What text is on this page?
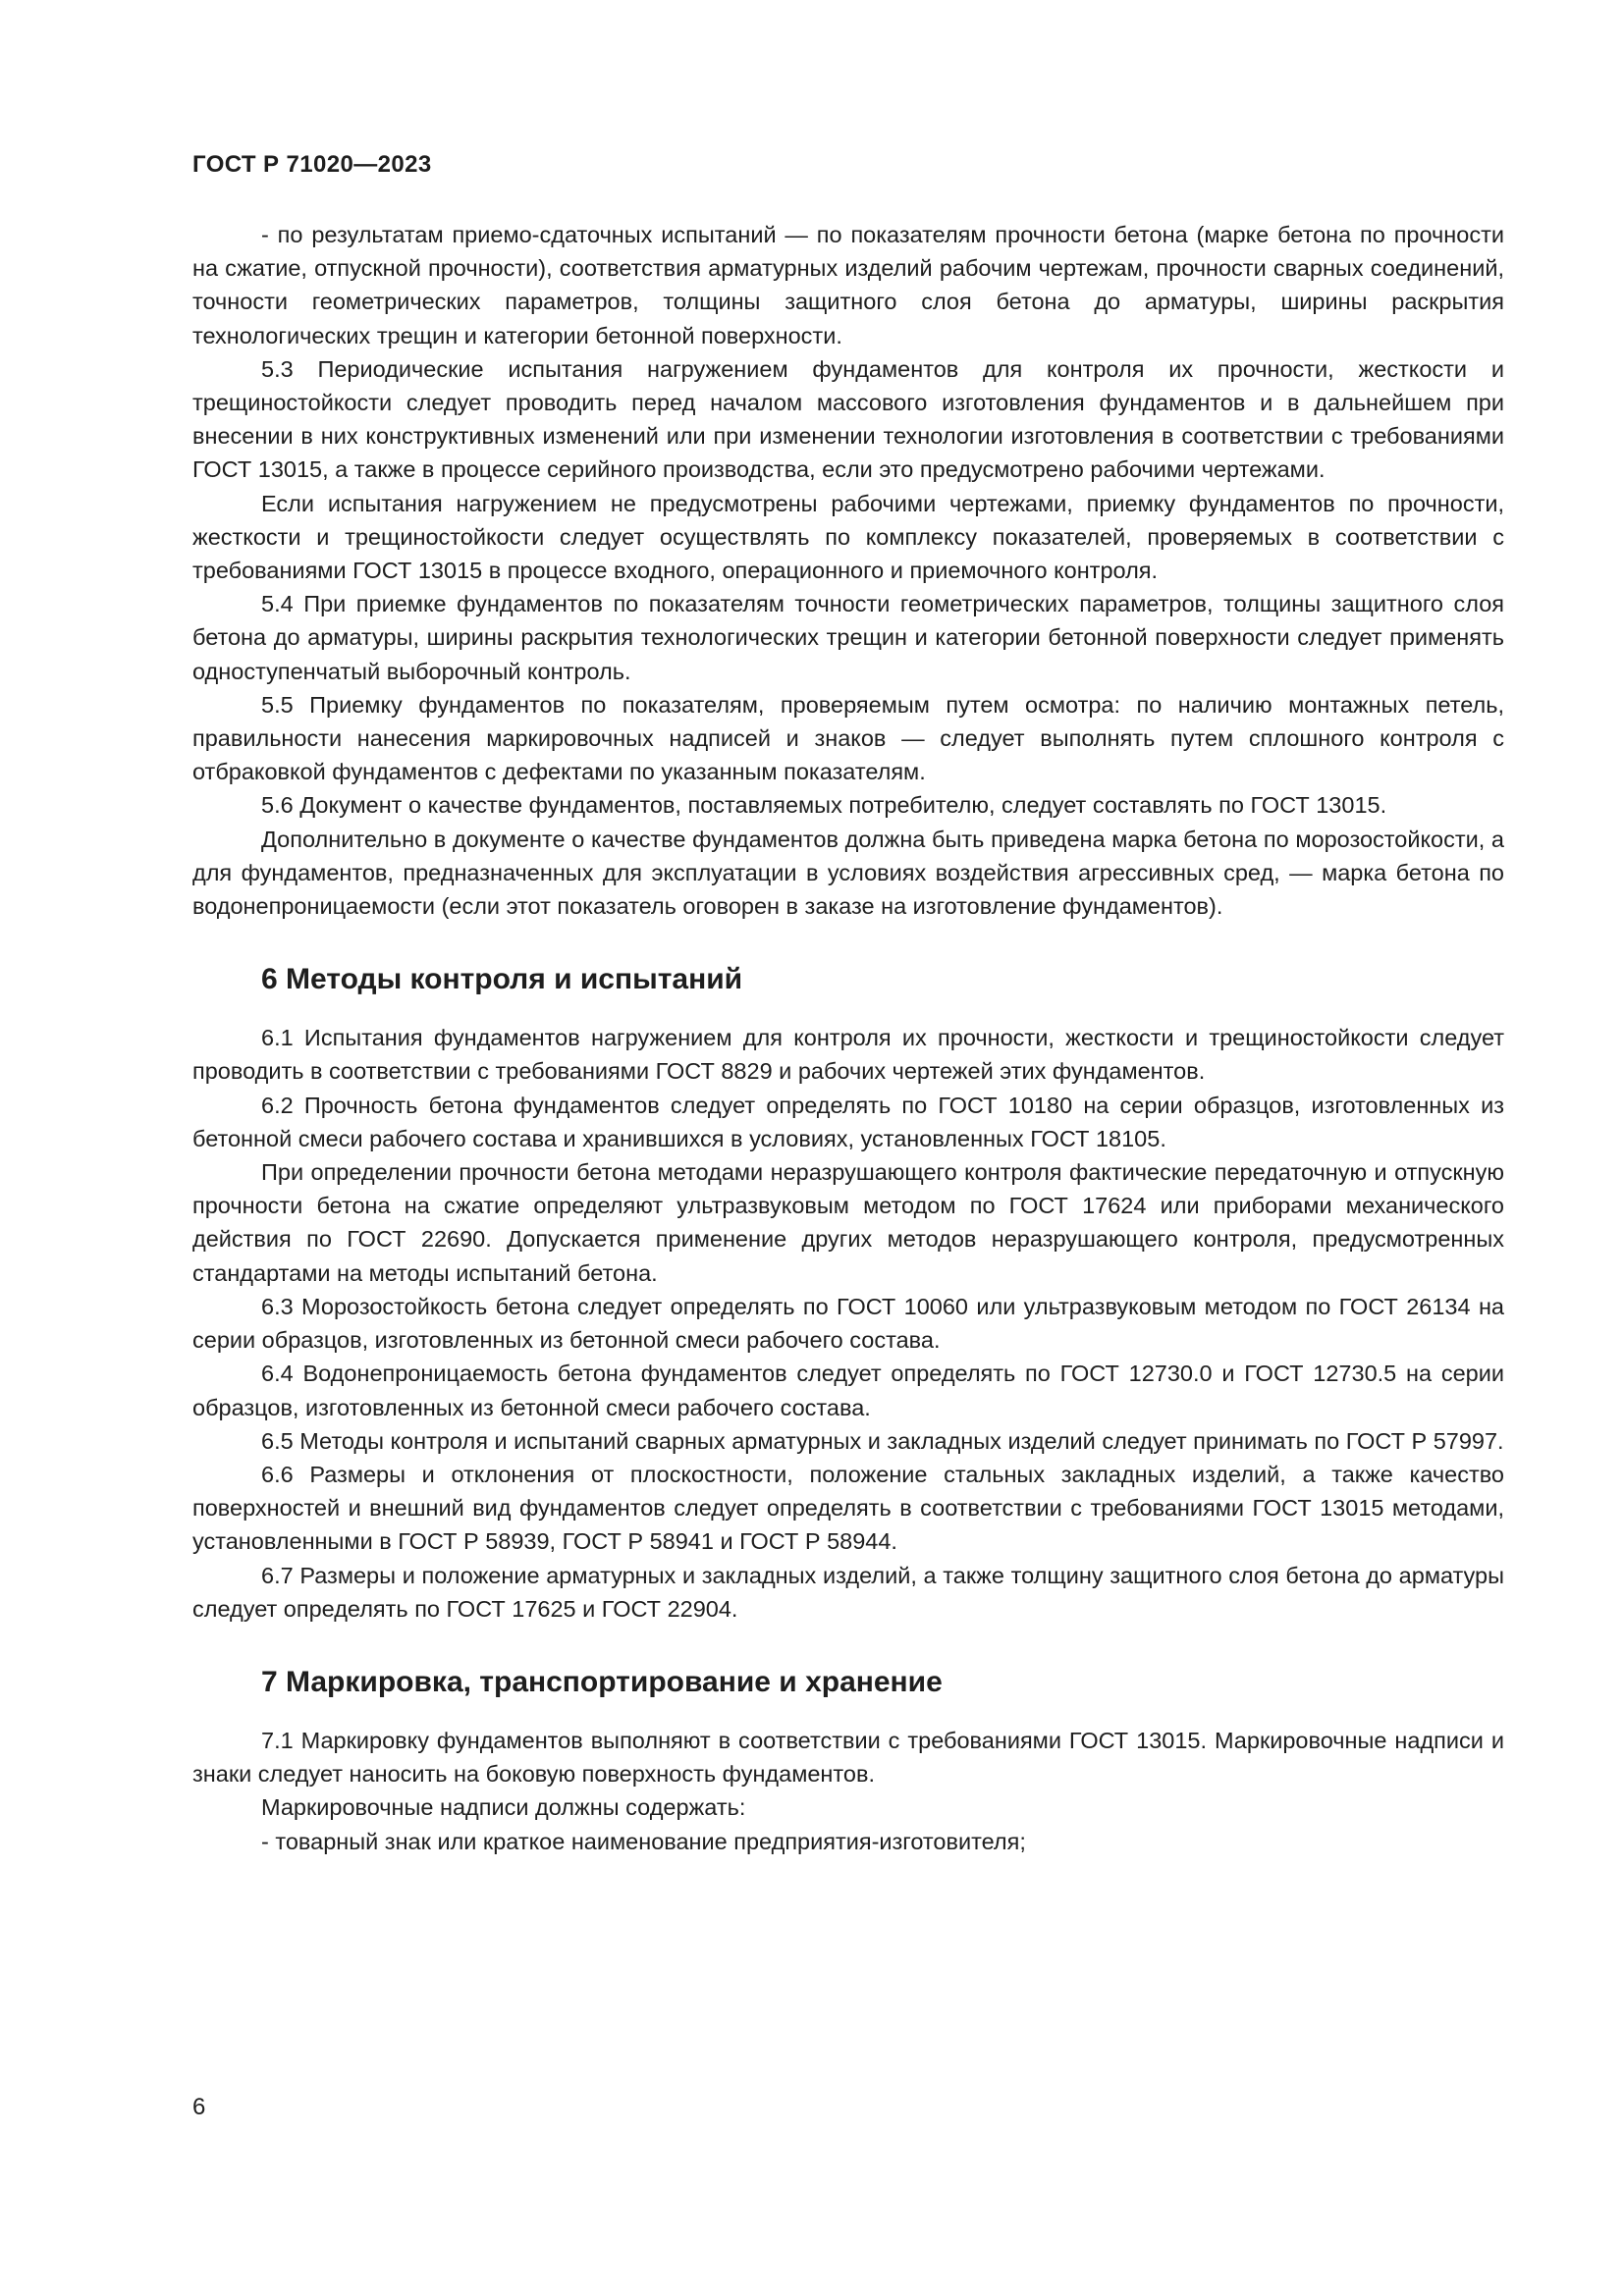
ГОСТ Р 71020—2023

- по результатам приемо-сдаточных испытаний — по показателям прочности бетона (марке бетона по прочности на сжатие, отпускной прочности), соответствия арматурных изделий рабочим чертежам, прочности сварных соединений, точности геометрических параметров, толщины защитного слоя бетона до арматуры, ширины раскрытия технологических трещин и категории бетонной поверхности.

5.3 Периодические испытания нагружением фундаментов для контроля их прочности, жесткости и трещиностойкости следует проводить перед началом массового изготовления фундаментов и в дальнейшем при внесении в них конструктивных изменений или при изменении технологии изготовления в соответствии с требованиями ГОСТ 13015, а также в процессе серийного производства, если это предусмотрено рабочими чертежами.

Если испытания нагружением не предусмотрены рабочими чертежами, приемку фундаментов по прочности, жесткости и трещиностойкости следует осуществлять по комплексу показателей, проверяемых в соответствии с требованиями ГОСТ 13015 в процессе входного, операционного и приемочного контроля.

5.4 При приемке фундаментов по показателям точности геометрических параметров, толщины защитного слоя бетона до арматуры, ширины раскрытия технологических трещин и категории бетонной поверхности следует применять одноступенчатый выборочный контроль.

5.5 Приемку фундаментов по показателям, проверяемым путем осмотра: по наличию монтажных петель, правильности нанесения маркировочных надписей и знаков — следует выполнять путем сплошного контроля с отбраковкой фундаментов с дефектами по указанным показателям.

5.6 Документ о качестве фундаментов, поставляемых потребителю, следует составлять по ГОСТ 13015.

Дополнительно в документе о качестве фундаментов должна быть приведена марка бетона по морозостойкости, а для фундаментов, предназначенных для эксплуатации в условиях воздействия агрессивных сред, — марка бетона по водонепроницаемости (если этот показатель оговорен в заказе на изготовление фундаментов).

6 Методы контроля и испытаний

6.1 Испытания фундаментов нагружением для контроля их прочности, жесткости и трещиностойкости следует проводить в соответствии с требованиями ГОСТ 8829 и рабочих чертежей этих фундаментов.

6.2 Прочность бетона фундаментов следует определять по ГОСТ 10180 на серии образцов, изготовленных из бетонной смеси рабочего состава и хранившихся в условиях, установленных ГОСТ 18105.

При определении прочности бетона методами неразрушающего контроля фактические передаточную и отпускную прочности бетона на сжатие определяют ультразвуковым методом по ГОСТ 17624 или приборами механического действия по ГОСТ 22690. Допускается применение других методов неразрушающего контроля, предусмотренных стандартами на методы испытаний бетона.

6.3 Морозостойкость бетона следует определять по ГОСТ 10060 или ультразвуковым методом по ГОСТ 26134 на серии образцов, изготовленных из бетонной смеси рабочего состава.

6.4 Водонепроницаемость бетона фундаментов следует определять по ГОСТ 12730.0 и ГОСТ 12730.5 на серии образцов, изготовленных из бетонной смеси рабочего состава.

6.5 Методы контроля и испытаний сварных арматурных и закладных изделий следует принимать по ГОСТ Р 57997.

6.6 Размеры и отклонения от плоскостности, положение стальных закладных изделий, а также качество поверхностей и внешний вид фундаментов следует определять в соответствии с требованиями ГОСТ 13015 методами, установленными в ГОСТ Р 58939, ГОСТ Р 58941 и ГОСТ Р 58944.

6.7 Размеры и положение арматурных и закладных изделий, а также толщину защитного слоя бетона до арматуры следует определять по ГОСТ 17625 и ГОСТ 22904.

7 Маркировка, транспортирование и хранение

7.1 Маркировку фундаментов выполняют в соответствии с требованиями ГОСТ 13015. Маркировочные надписи и знаки следует наносить на боковую поверхность фундаментов.

Маркировочные надписи должны содержать:

- товарный знак или краткое наименование предприятия-изготовителя;

6
